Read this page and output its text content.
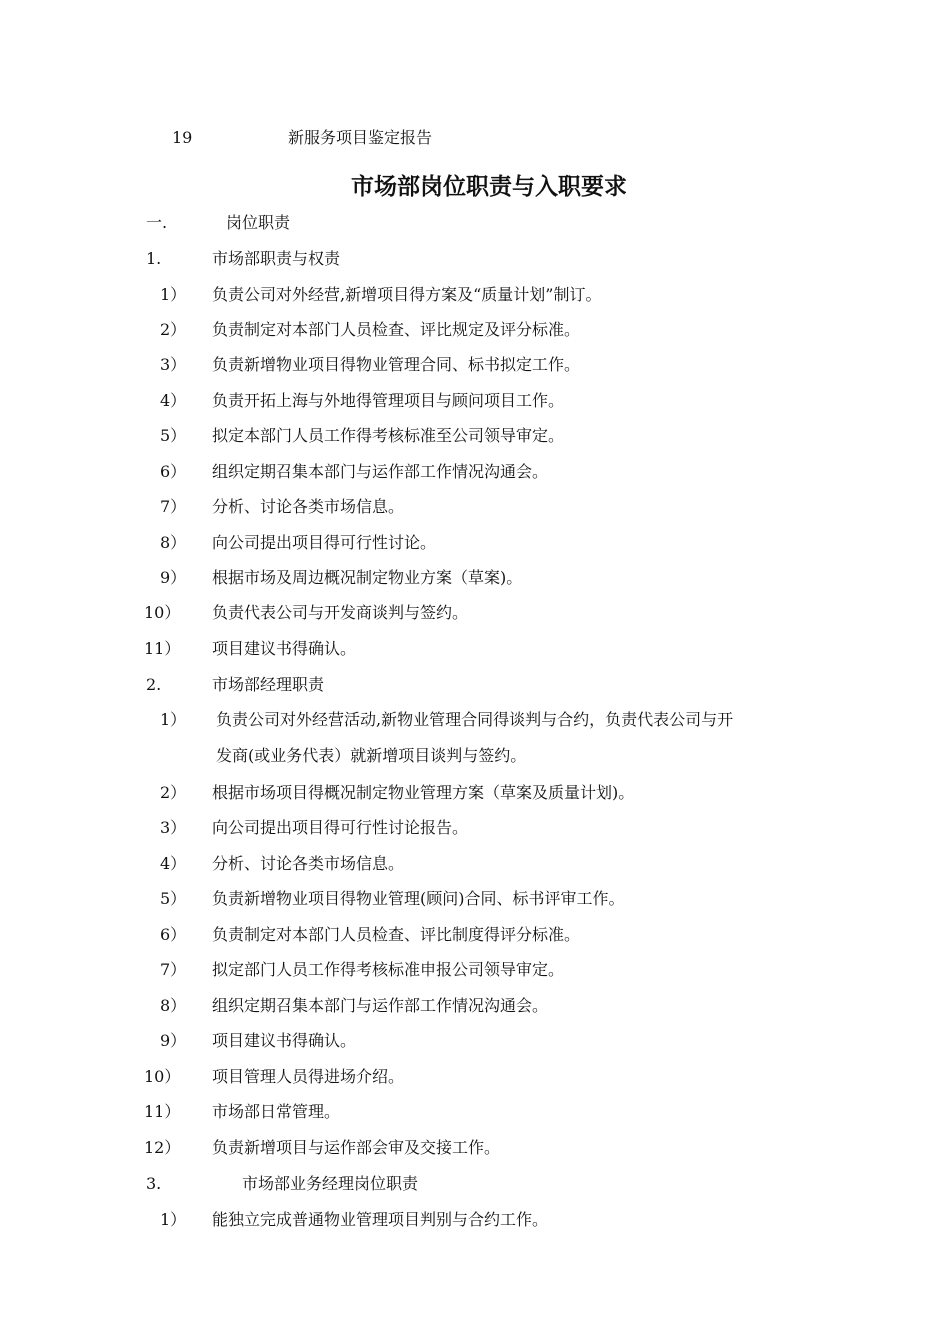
19	新服务项目鉴定报告
市场部岗位职责与入职要求
一.	岗位职责
1.	市场部职责与权责
1） 负责公司对外经营,新增项目得方案及“质量计划”制订。
2） 负责制定对本部门人员检查、评比规定及评分标准。
3） 负责新增物业项目得物业管理合同、标书拟定工作。
4） 负责开拓上海与外地得管理项目与顾问项目工作。
5） 拟定本部门人员工作得考核标准至公司领导审定。
6） 组织定期召集本部门与运作部工作情况沟通会。
7） 分析、讨论各类市场信息。
8） 向公司提出项目得可行性讨论。
9） 根据市场及周边概况制定物业方案（草案)。
10） 负责代表公司与开发商谈判与签约。
11） 项目建议书得确认。
2.	市场部经理职责
1） 负责公司对外经营活动,新物业管理合同得谈判与合约，负责代表公司与开
发商(或业务代表）就新增项目谈判与签约。
2） 根据市场项目得概况制定物业管理方案（草案及质量计划)。
3） 向公司提出项目得可行性讨论报告。
4） 分析、讨论各类市场信息。
5） 负责新增物业项目得物业管理(顾问)合同、标书评审工作。
6） 负责制定对本部门人员检查、评比制度得评分标准。
7） 拟定部门人员工作得考核标准申报公司领导审定。
8） 组织定期召集本部门与运作部工作情况沟通会。
9） 项目建议书得确认。
10） 项目管理人员得进场介绍。
11） 市场部日常管理。
12） 负责新增项目与运作部会审及交接工作。
3.	市场部业务经理岗位职责
1） 能独立完成普通物业管理项目判别与合约工作。
